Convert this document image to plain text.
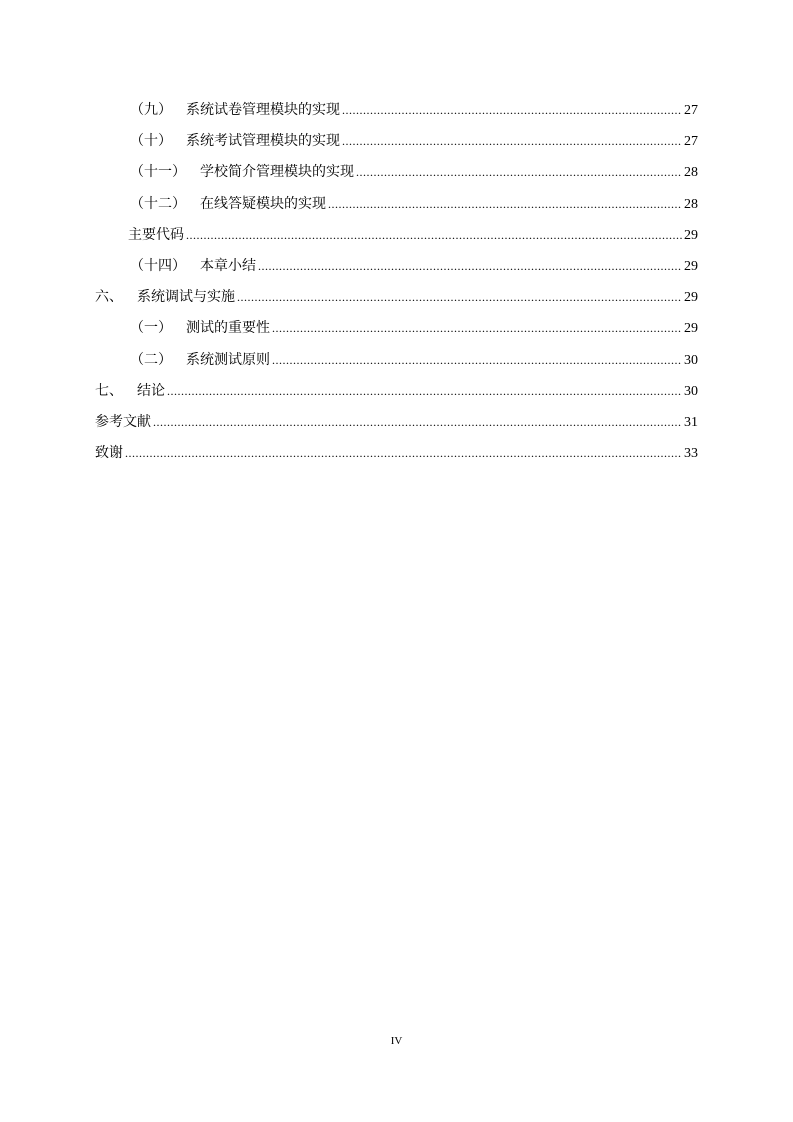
（九） 系统试卷管理模块的实现 .....	27
（十） 系统考试管理模块的实现 .....	27
（十一） 学校简介管理模块的实现 .....	28
（十二） 在线答疑模块的实现 .....	28
主要代码 .....	29
（十四） 本章小结 .....	29
六、 系统调试与实施 .....	29
（一） 测试的重要性 .....	29
（二） 系统测试原则 .....	30
七、 结论 .....	30
参考文献 .....	31
致谢 .....	33
IV
